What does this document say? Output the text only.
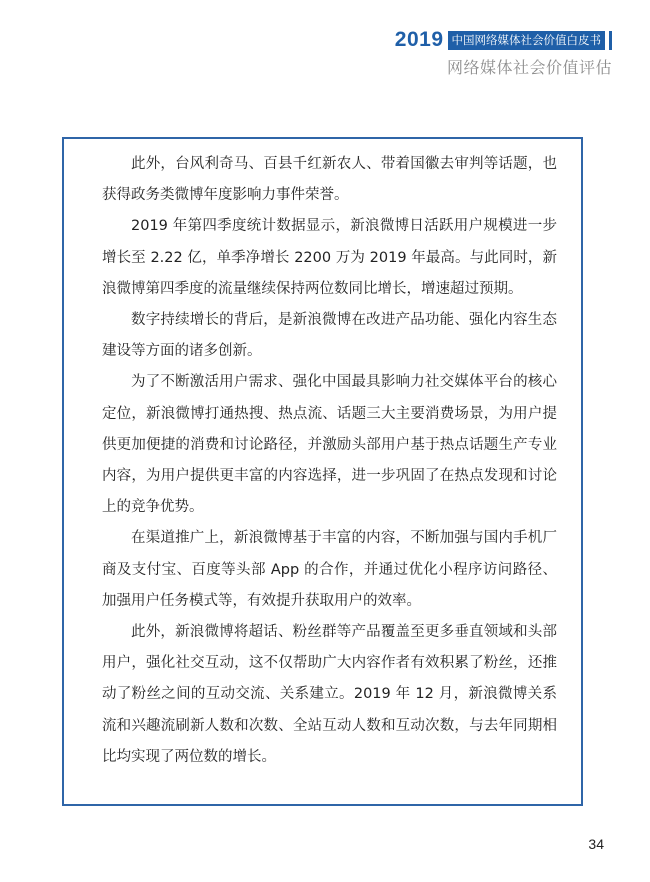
2019 中国网络媒体社会价值白皮书
网络媒体社会价值评估

此外，台风利奇马、百县千红新农人、带着国徽去审判等话题，也获得政务类微博年度影响力事件荣誉。

2019 年第四季度统计数据显示，新浪微博日活跃用户规模进一步增长至 2.22 亿，单季净增长 2200 万为 2019 年最高。与此同时，新浪微博第四季度的流量继续保持两位数同比增长，增速超过预期。

数字持续增长的背后，是新浪微博在改进产品功能、强化内容生态建设等方面的诸多创新。

为了不断激活用户需求、强化中国最具影响力社交媒体平台的核心定位，新浪微博打通热搜、热点流、话题三大主要消费场景，为用户提供更加便捷的消费和讨论路径，并激励头部用户基于热点话题生产专业内容，为用户提供更丰富的内容选择，进一步巩固了在热点发现和讨论上的竞争优势。

在渠道推广上，新浪微博基于丰富的内容，不断加强与国内手机厂商及支付宝、百度等头部 App 的合作，并通过优化小程序访问路径、加强用户任务模式等，有效提升获取用户的效率。

此外，新浪微博将超话、粉丝群等产品覆盖至更多垂直领域和头部用户，强化社交互动，这不仅帮助广大内容作者有效积累了粉丝，还推动了粉丝之间的互动交流、关系建立。2019 年 12 月，新浪微博关系流和兴趣流刷新人数和次数、全站互动人数和互动次数，与去年同期相比均实现了两位数的增长。

34
